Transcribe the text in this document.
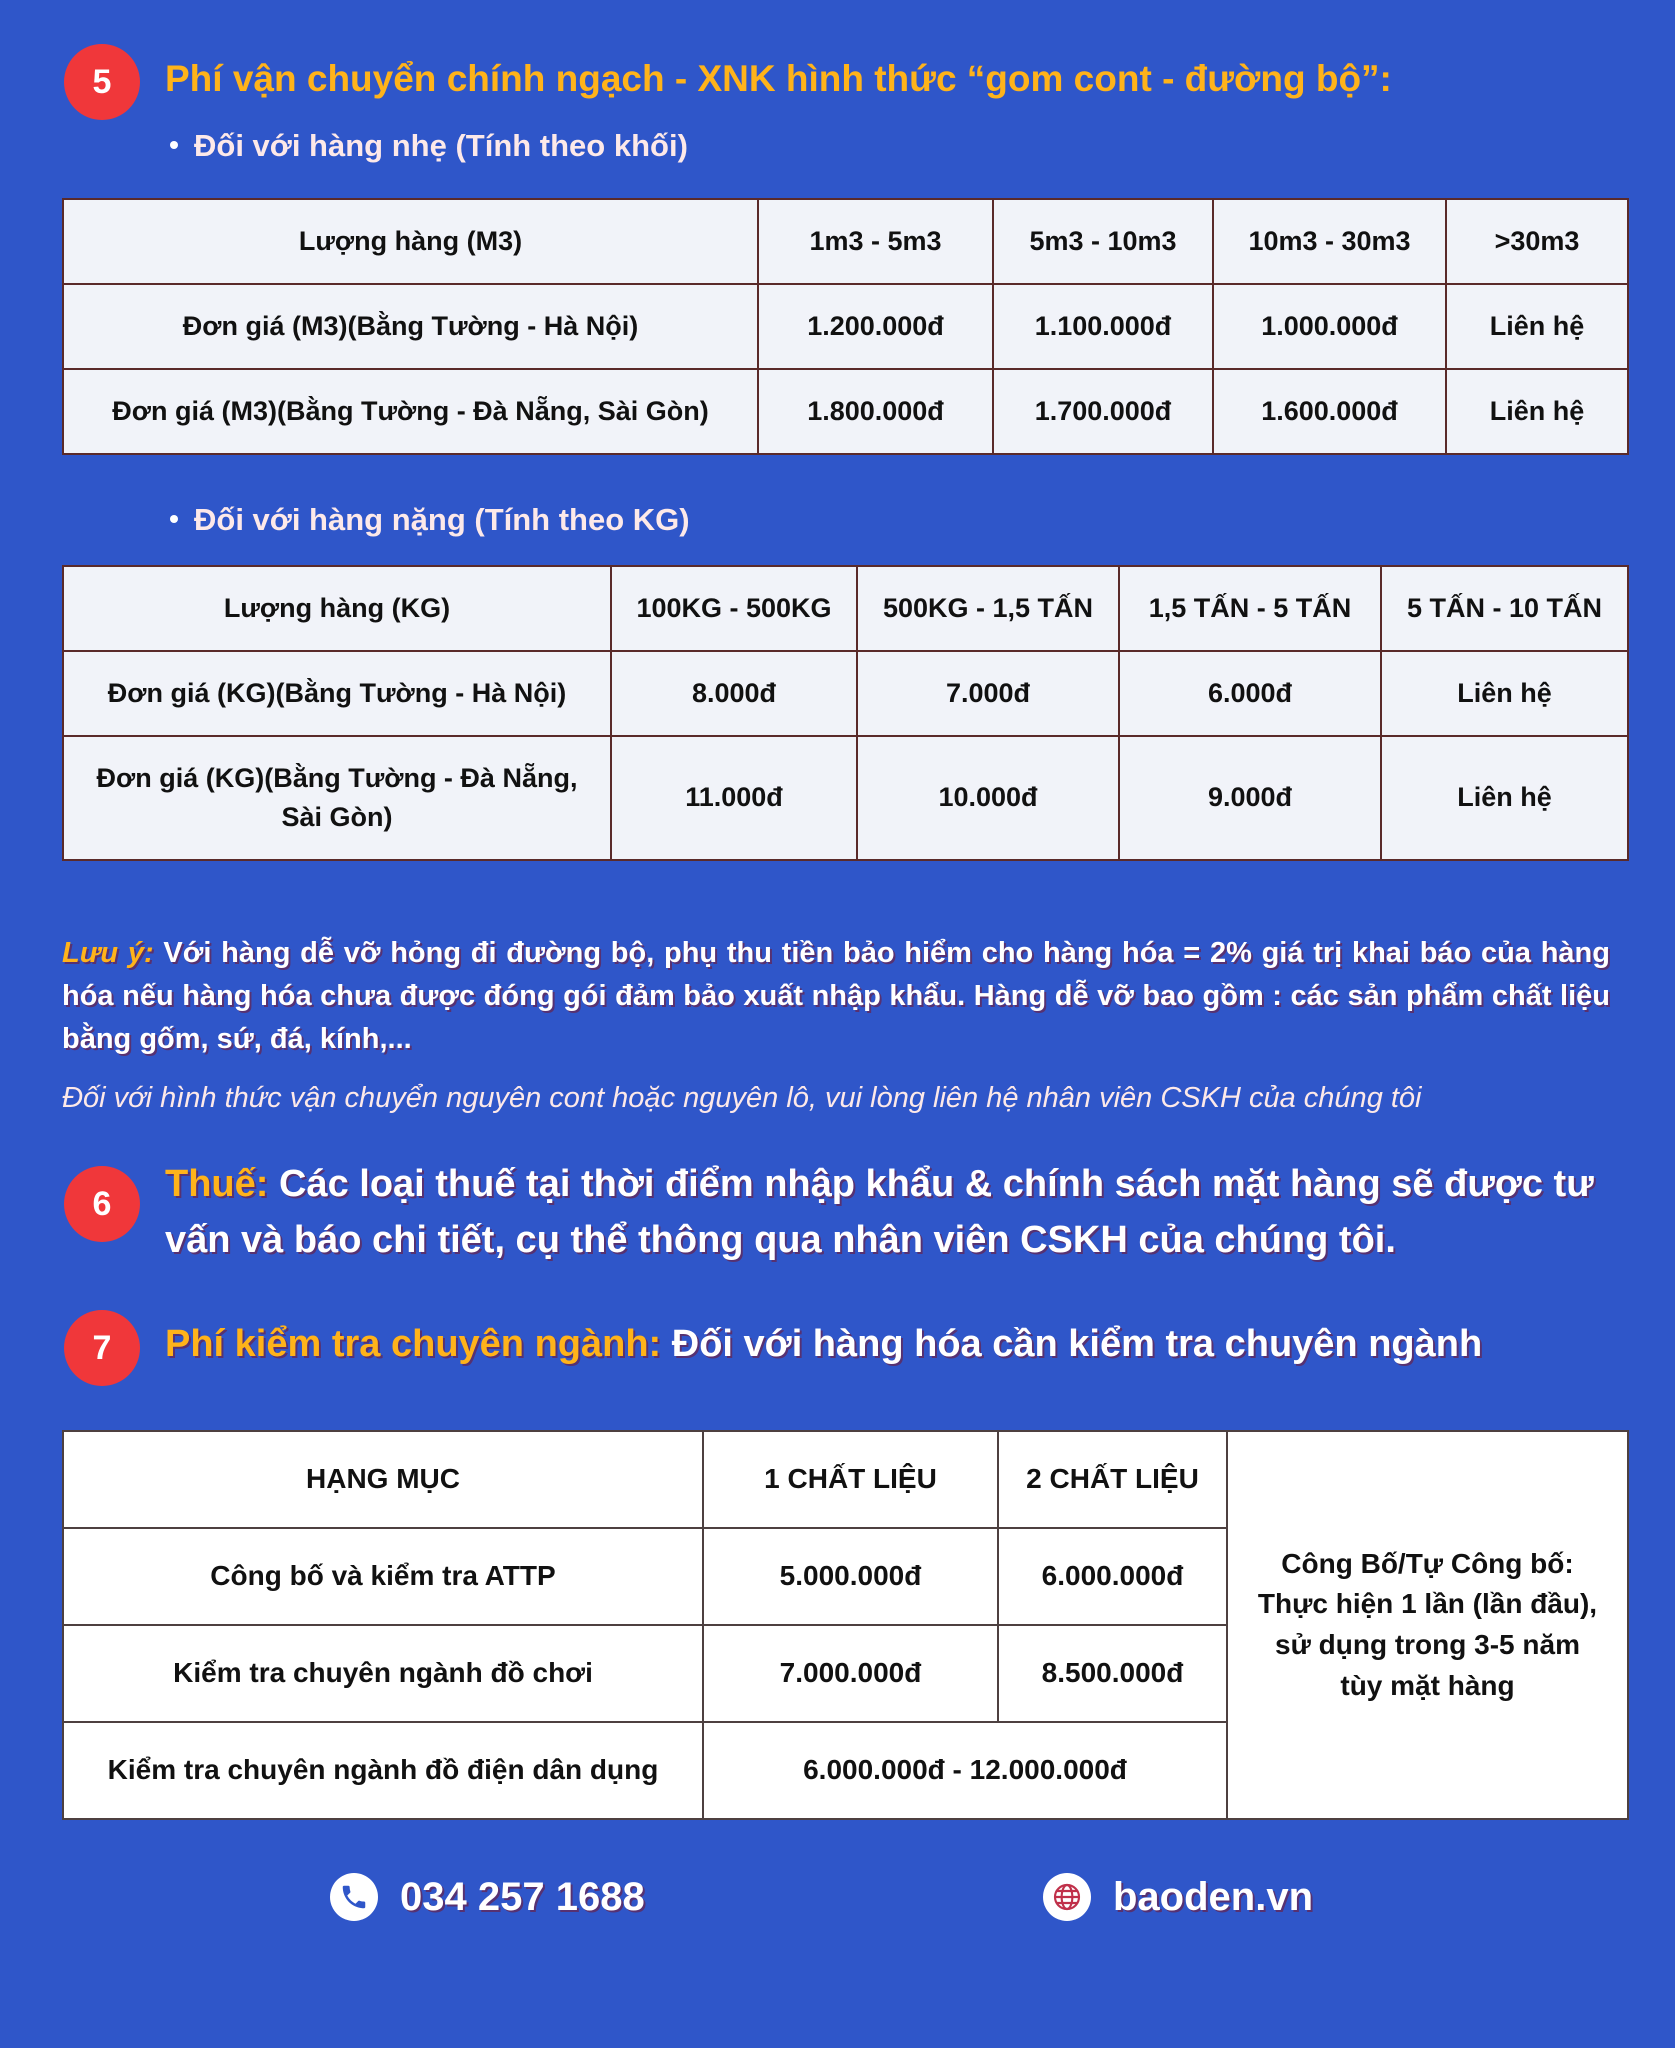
5	Phí vận chuyển chính ngạch - XNK hình thức “gom cont - đường bộ”:
Đối với hàng nhẹ (Tính theo khối)
Lượng hàng (M3)	1m3 - 5m3	5m3 - 10m3	10m3 - 30m3	>30m3
Đơn giá (M3)(Bằng Tường - Hà Nội)	1.200.000đ	1.100.000đ	1.000.000đ	Liên hệ
Đơn giá (M3)(Bằng Tường - Đà Nẵng, Sài Gòn)	1.800.000đ	1.700.000đ	1.600.000đ	Liên hệ
Đối với hàng nặng (Tính theo KG)
Lượng hàng (KG)	100KG - 500KG	500KG - 1,5 TẤN	1,5 TẤN - 5 TẤN	5 TẤN - 10 TẤN
Đơn giá (KG)(Bằng Tường - Hà Nội)	8.000đ	7.000đ	6.000đ	Liên hệ
Đơn giá (KG)(Bằng Tường - Đà Nẵng, Sài Gòn)	11.000đ	10.000đ	9.000đ	Liên hệ
Lưu ý: Với hàng dễ vỡ hỏng đi đường bộ, phụ thu tiền bảo hiểm cho hàng hóa = 2% giá trị khai báo của hàng hóa nếu hàng hóa chưa được đóng gói đảm bảo xuất nhập khẩu. Hàng dễ vỡ bao gồm : các sản phẩm chất liệu bằng gốm, sứ, đá, kính,...
Đối với hình thức vận chuyển nguyên cont hoặc nguyên lô, vui lòng liên hệ nhân viên CSKH của chúng tôi
6	Thuế: Các loại thuế tại thời điểm nhập khẩu & chính sách mặt hàng sẽ được tư vấn và báo chi tiết, cụ thể thông qua nhân viên CSKH của chúng tôi.
7	Phí kiểm tra chuyên ngành: Đối với hàng hóa cần kiểm tra chuyên ngành
HẠNG MỤC	1 CHẤT LIỆU	2 CHẤT LIỆU	Công Bố/Tự Công bố: Thực hiện 1 lần (lần đầu), sử dụng trong 3-5 năm tùy mặt hàng
Công bố và kiểm tra ATTP	5.000.000đ	6.000.000đ	
Kiểm tra chuyên ngành đồ chơi	7.000.000đ	8.500.000đ	
Kiểm tra chuyên ngành đồ điện dân dụng	6.000.000đ - 12.000.000đ		
034 257 1688	baoden.vn
